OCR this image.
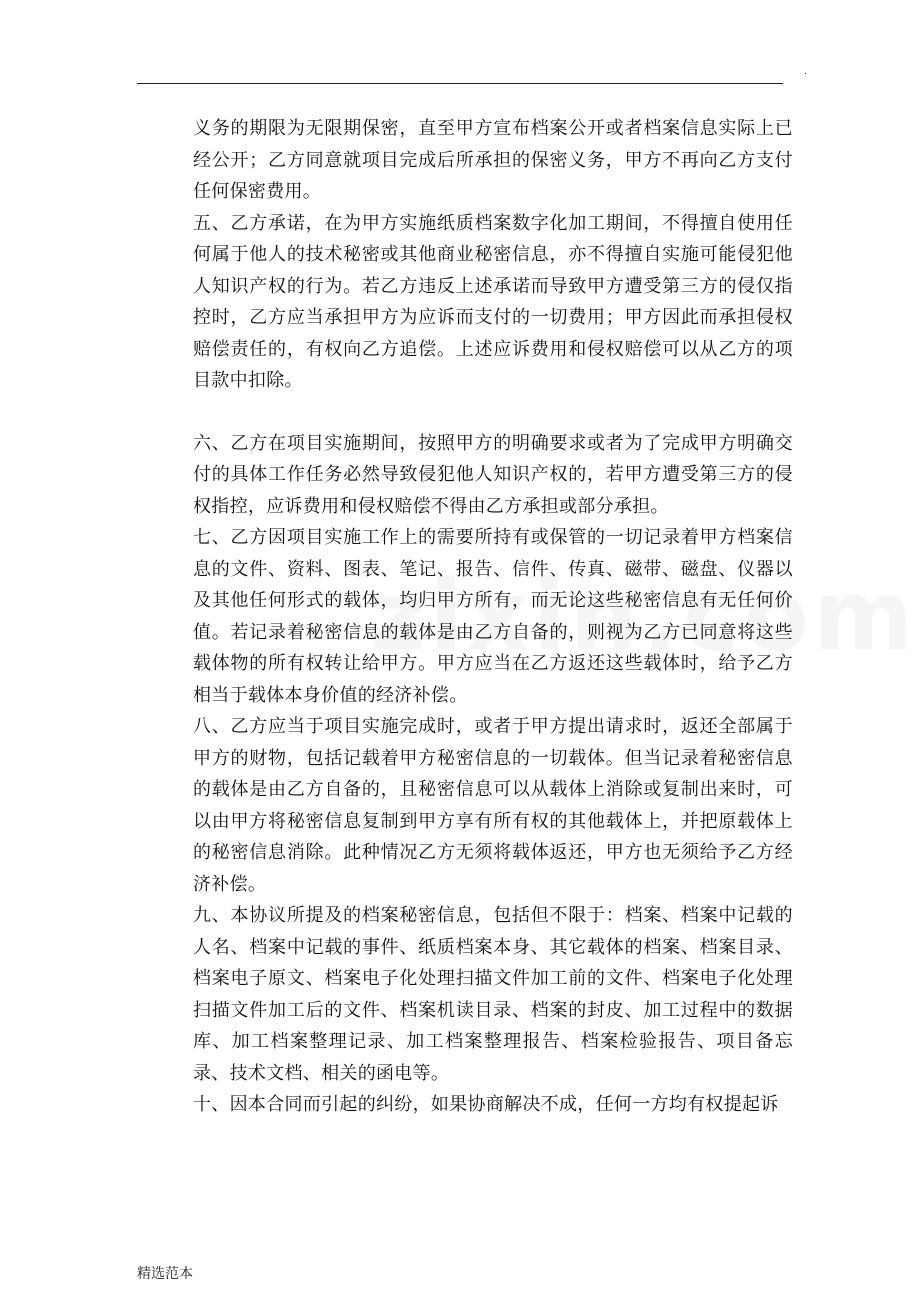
.

义务的期限为无限期保密，直至甲方宣布档案公开或者档案信息实际上已经公开；乙方同意就项目完成后所承担的保密义务，甲方不再向乙方支付任何保密费用。

五、乙方承诺，在为甲方实施纸质档案数字化加工期间，不得擅自使用任何属于他人的技术秘密或其他商业秘密信息，亦不得擅自实施可能侵犯他人知识产权的行为。若乙方违反上述承诺而导致甲方遭受第三方的侵仅指控时，乙方应当承担甲方为应诉而支付的一切费用；甲方因此而承担侵权赔偿责任的，有权向乙方追偿。上述应诉费用和侵权赔偿可以从乙方的项目款中扣除。

六、乙方在项目实施期间，按照甲方的明确要求或者为了完成甲方明确交付的具体工作任务必然导致侵犯他人知识产权的，若甲方遭受第三方的侵权指控，应诉费用和侵权赔偿不得由乙方承担或部分承担。

七、乙方因项目实施工作上的需要所持有或保管的一切记录着甲方档案信息的文件、资料、图表、笔记、报告、信件、传真、磁带、磁盘、仪器以及其他任何形式的载体，均归甲方所有，而无论这些秘密信息有无任何价值。若记录着秘密信息的载体是由乙方自备的，则视为乙方已同意将这些载体物的所有权转让给甲方。甲方应当在乙方返还这些载体时，给予乙方相当于载体本身价值的经济补偿。

八、乙方应当于项目实施完成时，或者于甲方提出请求时，返还全部属于甲方的财物，包括记载着甲方秘密信息的一切载体。但当记录着秘密信息的载体是由乙方自备的，且秘密信息可以从载体上消除或复制出来时，可以由甲方将秘密信息复制到甲方享有所有权的其他载体上，并把原载体上的秘密信息消除。此种情况乙方无须将载体返还，甲方也无须给予乙方经济补偿。

九、本协议所提及的档案秘密信息，包括但不限于：档案、档案中记载的人名、档案中记载的事件、纸质档案本身、其它载体的档案、档案目录、档案电子原文、档案电子化处理扫描文件加工前的文件、档案电子化处理扫描文件加工后的文件、档案机读目录、档案的封皮、加工过程中的数据库、加工档案整理记录、加工档案整理报告、档案检验报告、项目备忘录、技术文档、相关的函电等。

十、因本合同而引起的纠纷，如果协商解决不成，任何一方均有权提起诉

精选范本
